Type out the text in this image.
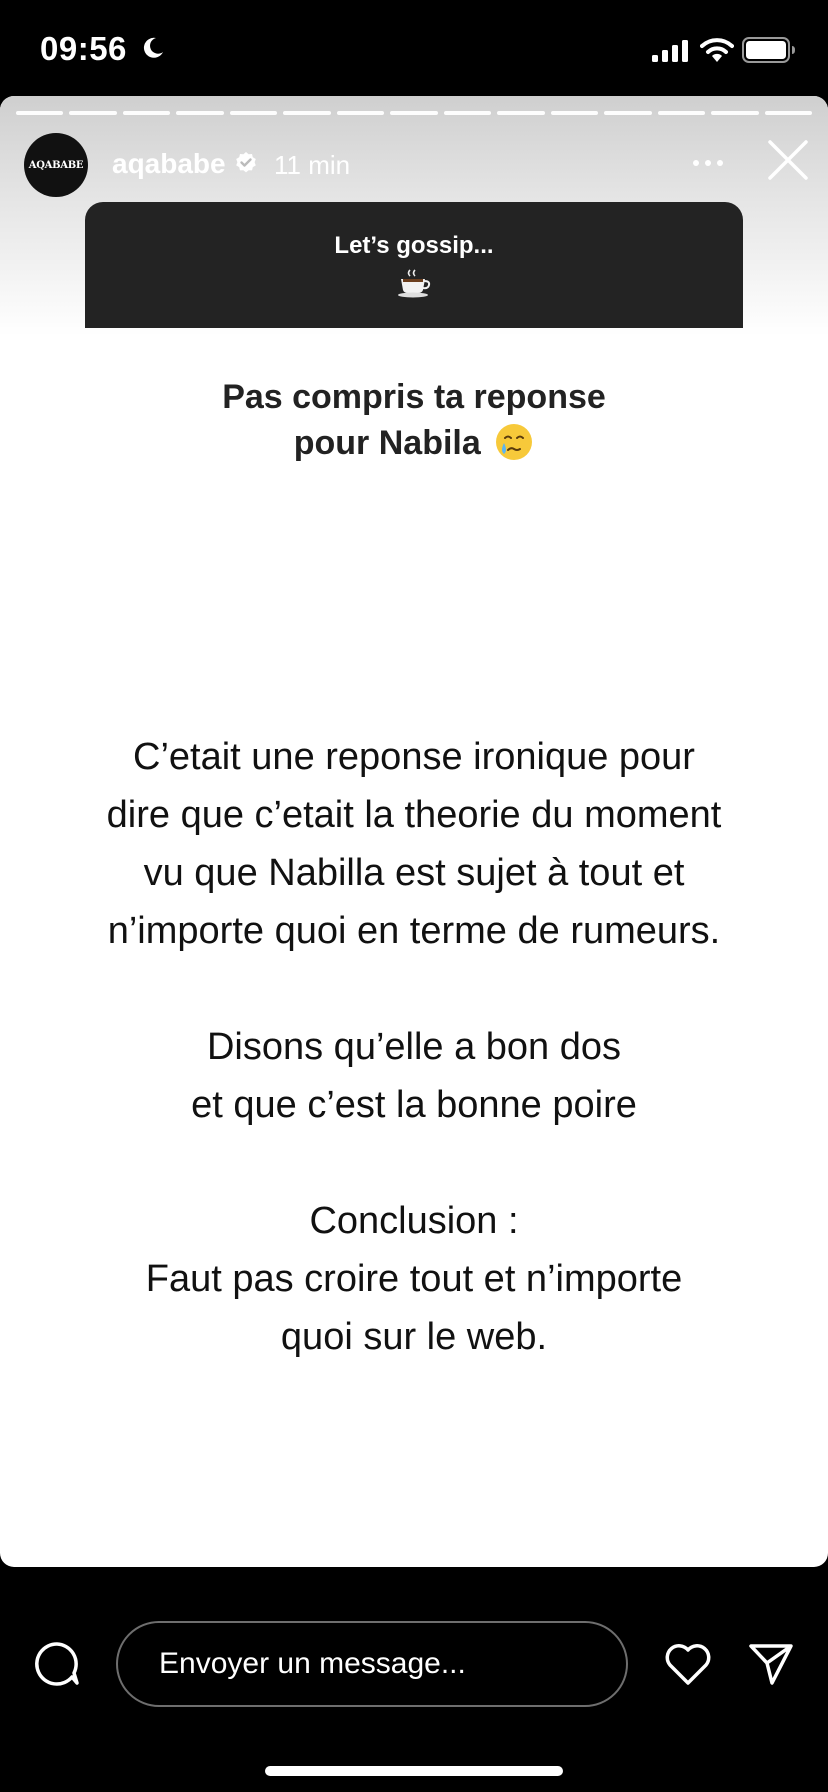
09:56
AQABABE aqababe 11 min
Let’s gossip...
Pas compris ta reponse
pour Nabila
C’etait une reponse ironique pour
dire que c’etait la theorie du moment
vu que Nabilla est sujet à tout et
n’importe quoi en terme de rumeurs.
Disons qu’elle a bon dos
et que c’est la bonne poire
Conclusion :
Faut pas croire tout et n’importe
quoi sur le web.
Envoyer un message...
